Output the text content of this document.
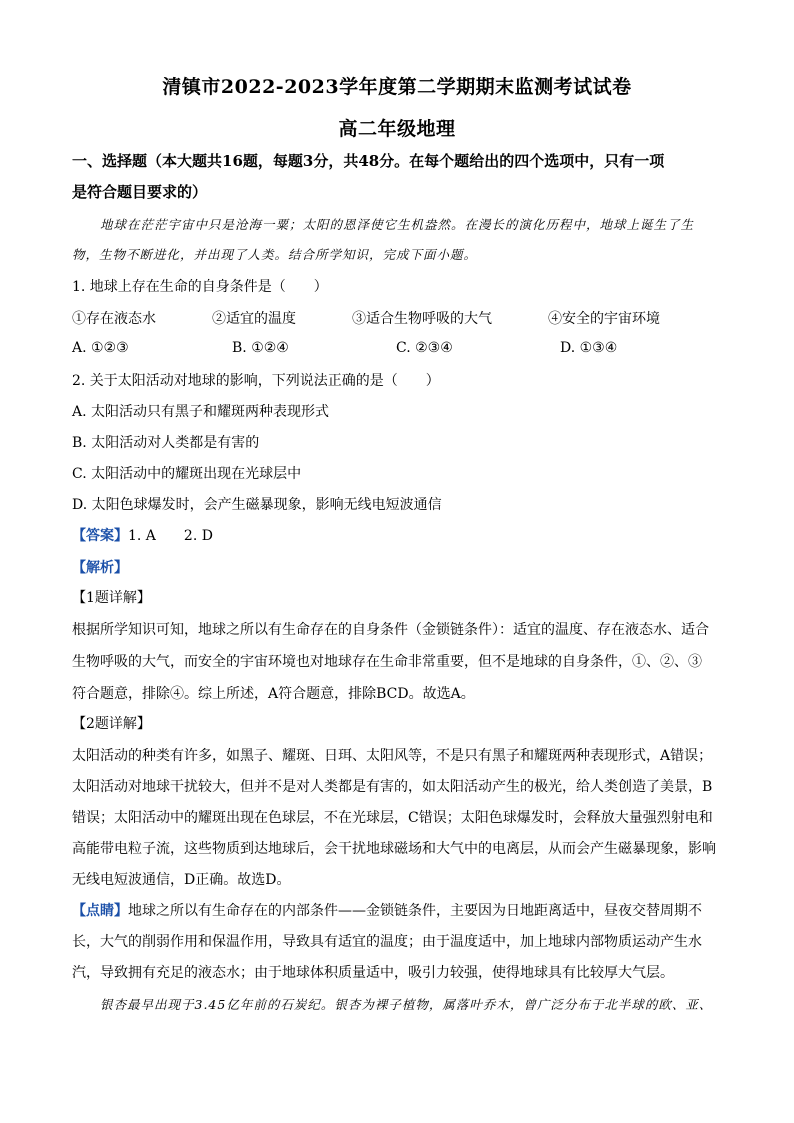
清镇市2022-2023学年度第二学期期末监测考试试卷
高二年级地理
一、选择题（本大题共16题，每题3分，共48分。在每个题给出的四个选项中，只有一项
是符合题目要求的）
地球在茫茫宇宙中只是沧海一粟；太阳的恩泽使它生机盎然。在漫长的演化历程中，地球上诞生了生
物，生物不断进化，并出现了人类。结合所学知识，完成下面小题。
1. 地球上存在生命的自身条件是（　　）
①存在液态水	②适宜的温度	③适合生物呼吸的大气	④安全的宇宙环境
A. ①②③	B. ①②④	C. ②③④	D. ①③④
2. 关于太阳活动对地球的影响，下列说法正确的是（　　）
A. 太阳活动只有黑子和耀斑两种表现形式
B. 太阳活动对人类都是有害的
C. 太阳活动中的耀斑出现在光球层中
D. 太阳色球爆发时，会产生磁暴现象，影响无线电短波通信
【答案】1. A　　2. D
【解析】
【1题详解】
根据所学知识可知，地球之所以有生命存在的自身条件（金锁链条件）：适宜的温度、存在液态水、适合
生物呼吸的大气，而安全的宇宙环境也对地球存在生命非常重要，但不是地球的自身条件，①、②、③
符合题意，排除④。综上所述，A符合题意，排除BCD。故选A。
【2题详解】
太阳活动的种类有许多，如黑子、耀斑、日珥、太阳风等，不是只有黑子和耀斑两种表现形式，A错误；
太阳活动对地球干扰较大，但并不是对人类都是有害的，如太阳活动产生的极光，给人类创造了美景，B
错误；太阳活动中的耀斑出现在色球层，不在光球层，C错误；太阳色球爆发时，会释放大量强烈射电和
高能带电粒子流，这些物质到达地球后，会干扰地球磁场和大气中的电离层，从而会产生磁暴现象，影响
无线电短波通信，D正确。故选D。
【点睛】地球之所以有生命存在的内部条件——金锁链条件，主要因为日地距离适中，昼夜交替周期不
长，大气的削弱作用和保温作用，导致具有适宜的温度；由于温度适中，加上地球内部物质运动产生水
汽，导致拥有充足的液态水；由于地球体积质量适中，吸引力较强，使得地球具有比较厚大气层。
银杏最早出现于3.45亿年前的石炭纪。银杏为裸子植物，属落叶乔木，曾广泛分布于北半球的欧、亚、
